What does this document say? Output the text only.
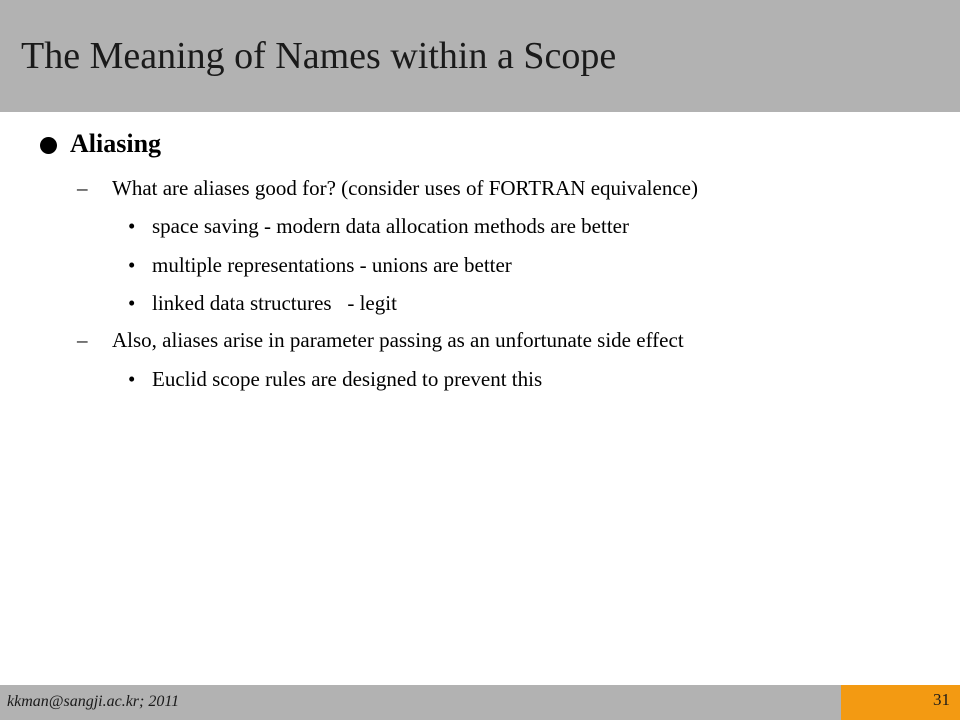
The Meaning of Names within a Scope
Aliasing
– What are aliases good for? (consider uses of FORTRAN equivalence)
• space saving - modern data allocation methods are better
• multiple representations - unions are better
• linked data structures   - legit
– Also, aliases arise in parameter passing as an unfortunate side effect
• Euclid scope rules are designed to prevent this
kkman@sangji.ac.kr; 2011	31
